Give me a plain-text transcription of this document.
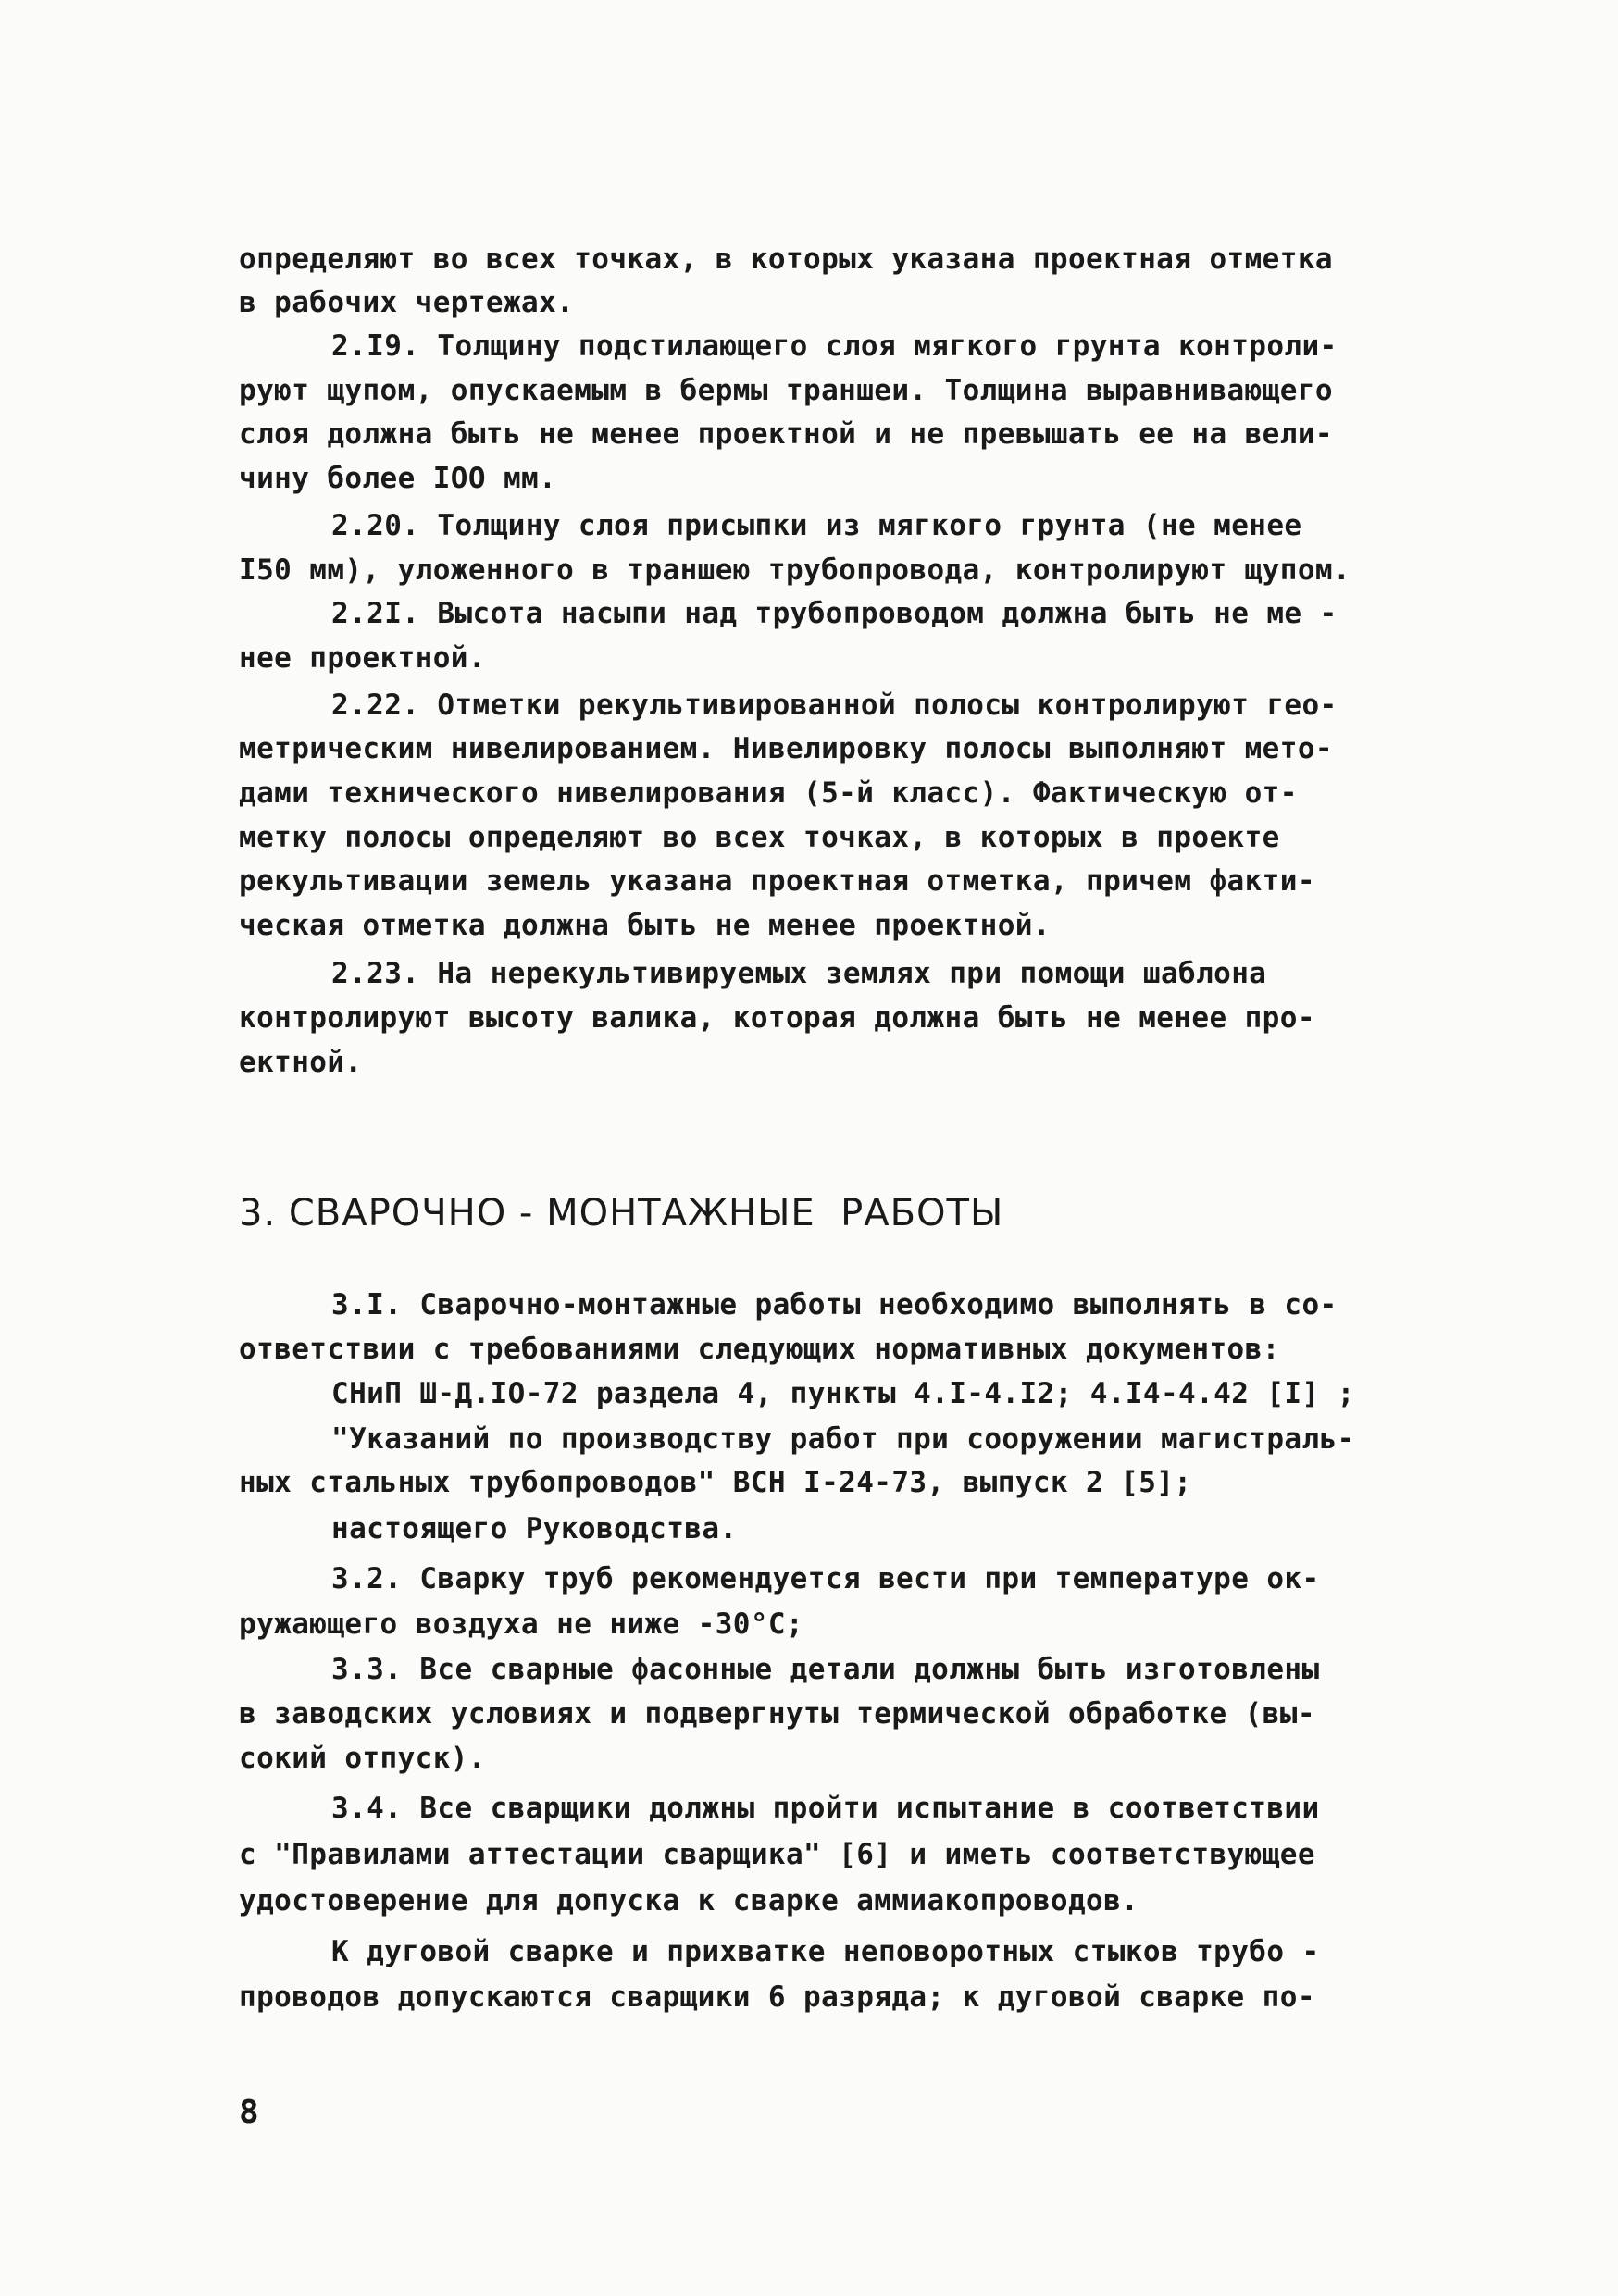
определяют во всех точках, в которых указана проектная отметка
в рабочих чертежах.
2.I9. Толщину подстилающего слоя мягкого грунта контроли-
руют щупом, опускаемым в бермы траншеи. Толщина выравнивающего
слоя должна быть не менее проектной и не превышать ее на вели-
чину более IOO мм.
2.20. Толщину слоя присыпки из мягкого грунта (не менее
I50 мм), уложенного в траншею трубопровода, контролируют щупом.
2.2I. Высота насыпи над трубопроводом должна быть не ме -
нее проектной.
2.22. Отметки рекультивированной полосы контролируют гео-
метрическим нивелированием. Нивелировку полосы выполняют мето-
дами технического нивелирования (5-й класс). Фактическую от-
метку полосы определяют во всех точках, в которых в проекте
рекультивации земель указана проектная отметка, причем факти-
ческая отметка должна быть не менее проектной.
2.23. На нерекультивируемых землях при помощи шаблона
контролируют высоту валика, которая должна быть не менее про-
ектной.
3. СВАРОЧНО - МОНТАЖНЫЕ  РАБОТЫ
3.I. Сварочно-монтажные работы необходимо выполнять в со-
ответствии с требованиями следующих нормативных документов:
СНиП Ш-Д.IO-72 раздела 4, пункты 4.I-4.I2; 4.I4-4.42 [I] ;
"Указаний по производству работ при сооружении магистраль-
ных стальных трубопроводов" ВСН I-24-73, выпуск 2 [5];
настоящего Руководства.
3.2. Сварку труб рекомендуется вести при температуре ок-
ружающего воздуха не ниже -30°С;
3.3. Все сварные фасонные детали должны быть изготовлены
в заводских условиях и подвергнуты термической обработке (вы-
сокий отпуск).
3.4. Все сварщики должны пройти испытание в соответствии
с "Правилами аттестации сварщика" [6] и иметь соответствующее
удостоверение для допуска к сварке аммиакопроводов.
К дуговой сварке и прихватке неповоротных стыков трубо -
проводов допускаются сварщики 6 разряда; к дуговой сварке по-
8
